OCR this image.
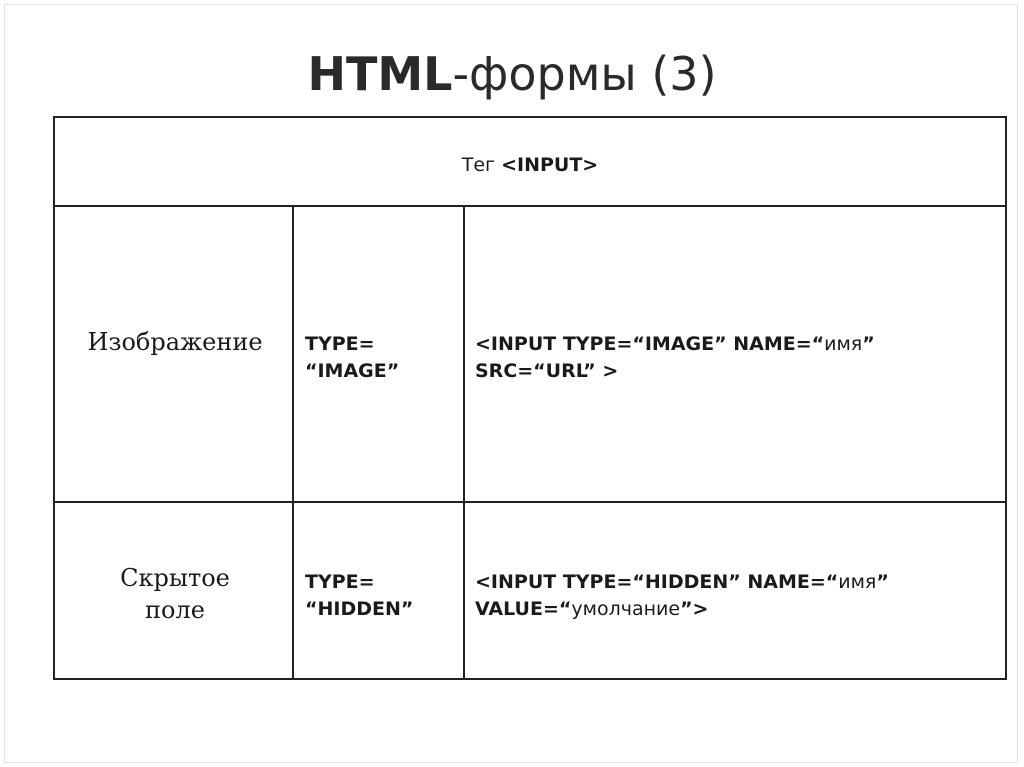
HTML-формы (3)
Тег <INPUT>
Изображение	TYPE=
“IMAGE”
<INPUT TYPE=“IMAGE” NAME=“имя”
SRC=“URL” >
Скрытое
поле
TYPE=
“HIDDEN”
<INPUT TYPE=“HIDDEN” NAME=“имя”
VALUE=“умолчание”>
